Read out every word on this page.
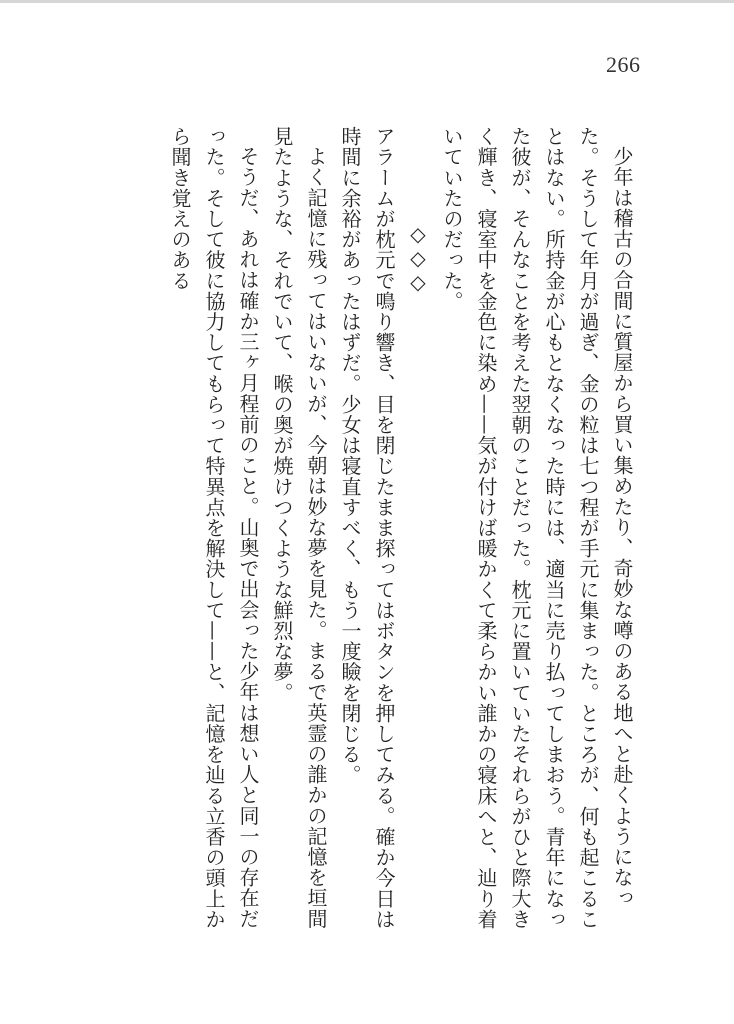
266

少年は稽古の合間に質屋から買い集めたり、奇妙な噂のある地へと赴くようになった。そうして年月が過ぎ、金の粒は七つ程が手元に集まった。ところが、何も起こることはない。所持金が心もとなくなった時には、適当に売り払ってしまおう。青年になった彼が、そんなことを考えた翌朝のことだった。枕元に置いていたそれらがひと際大きく輝き、寝室中を金色に染め——気が付けば暖かくて柔らかい誰かの寝床へと、辿り着いていたのだった。

◇◇◇

アラームが枕元で鳴り響き、目を閉じたまま探ってはボタンを押してみる。確か今日は時間に余裕があったはずだ。少女は寝直すべく、もう一度瞼を閉じる。

よく記憶に残ってはいないが、今朝は妙な夢を見た。まるで英霊の誰かの記憶を垣間見たような、それでいて、喉の奥が焼けつくような鮮烈な夢。

そうだ、あれは確か三ヶ月程前のこと。山奥で出会った少年は想い人と同一の存在だった。そして彼に協力してもらって特異点を解決して——と、記憶を辿る立香の頭上から聞き覚えのある
